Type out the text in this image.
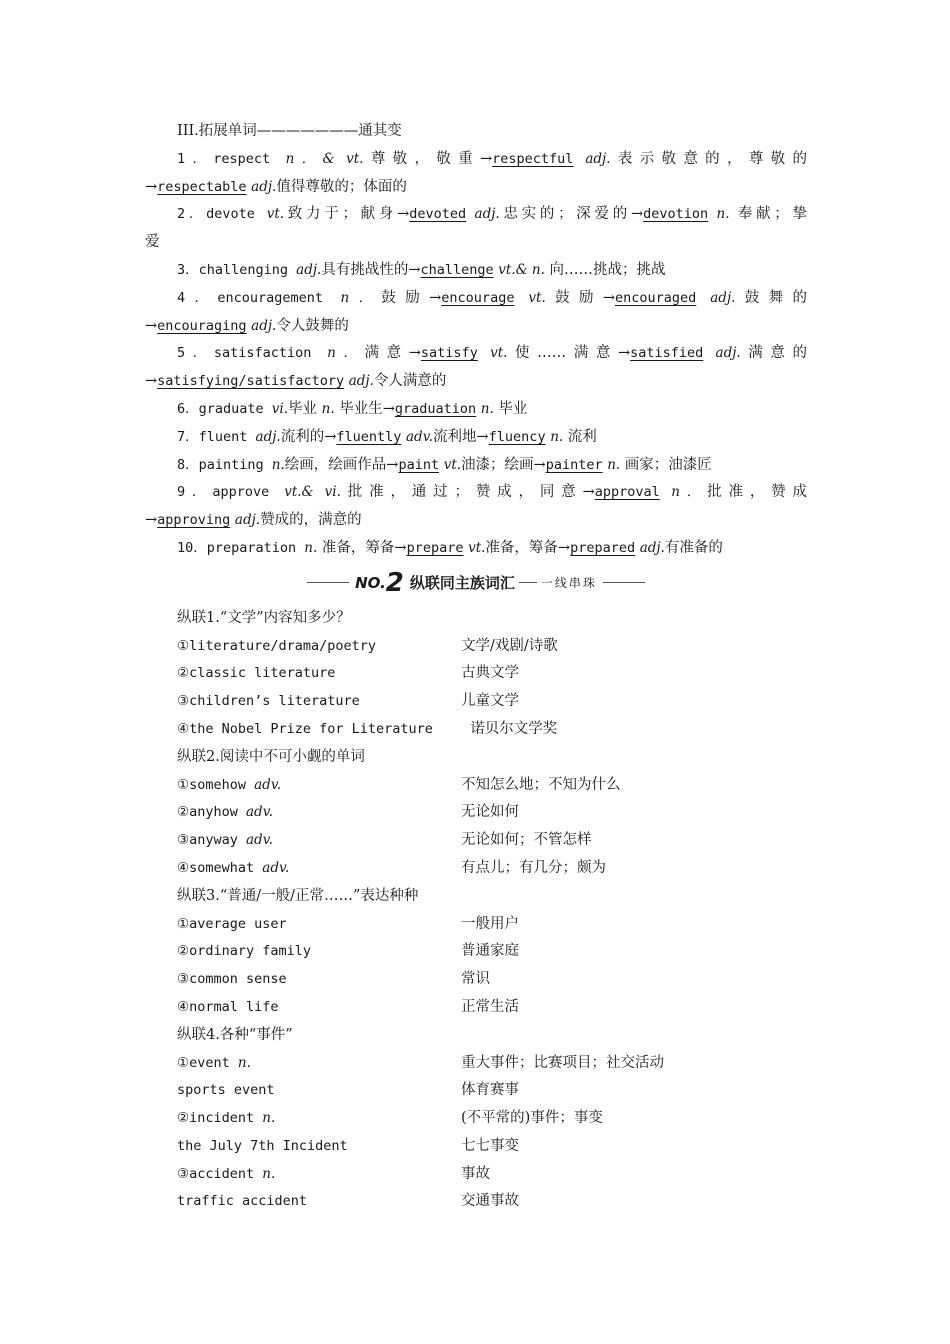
III.拓展单词———————通其变
1．respect n．& vt.尊敬，敬重→respectful adj.表示敬意的，尊敬的
→respectable adj.值得尊敬的；体面的
2．devote vt.致力于；献身→devoted adj.忠实的；深爱的→devotion n. 奉献；挚
爱
3．challenging adj.具有挑战性的→challenge vt.& n. 向……挑战；挑战
4．encouragement n．鼓励→encourage vt.鼓励→encouraged adj.鼓舞的
→encouraging adj.令人鼓舞的
5．satisfaction n．满意→satisfy vt.使……满意→satisfied adj.满意的
→satisfying/satisfactory adj.令人满意的
6．graduate vi.毕业 n. 毕业生→graduation n. 毕业
7．fluent adj.流利的→fluently adv.流利地→fluency n. 流利
8．painting n.绘画，绘画作品→paint vt.油漆；绘画→painter n. 画家；油漆匠
9．approve vt.& vi.批准，通过；赞成，同意→approval n．批准，赞成
→approving adj.赞成的，满意的
10．preparation n. 准备，筹备→prepare vt.准备，筹备→prepared adj.有准备的
NO. 2 纵联同主族词汇 一线串珠
纵联1.“文学”内容知多少？
①literature/drama/poetry	文学/戏剧/诗歌
②classic literature	古典文学
③children’s literature	儿童文学
④the Nobel Prize for Literature	诺贝尔文学奖
纵联2.阅读中不可小觑的单词
①somehow adv.	不知怎么地；不知为什么
②anyhow adv.	无论如何
③anyway adv.	无论如何；不管怎样
④somewhat adv.	有点儿；有几分；颇为
纵联3.“普通/一般/正常……”表达种种
①average user	一般用户
②ordinary family	普通家庭
③common sense	常识
④normal life	正常生活
纵联4.各种“事件”
①event n.	重大事件；比赛项目；社交活动
sports event	体育赛事
②incident n.	(不平常的)事件；事变
the July 7th Incident	七七事变
③accident n.	事故
traffic accident	交通事故
